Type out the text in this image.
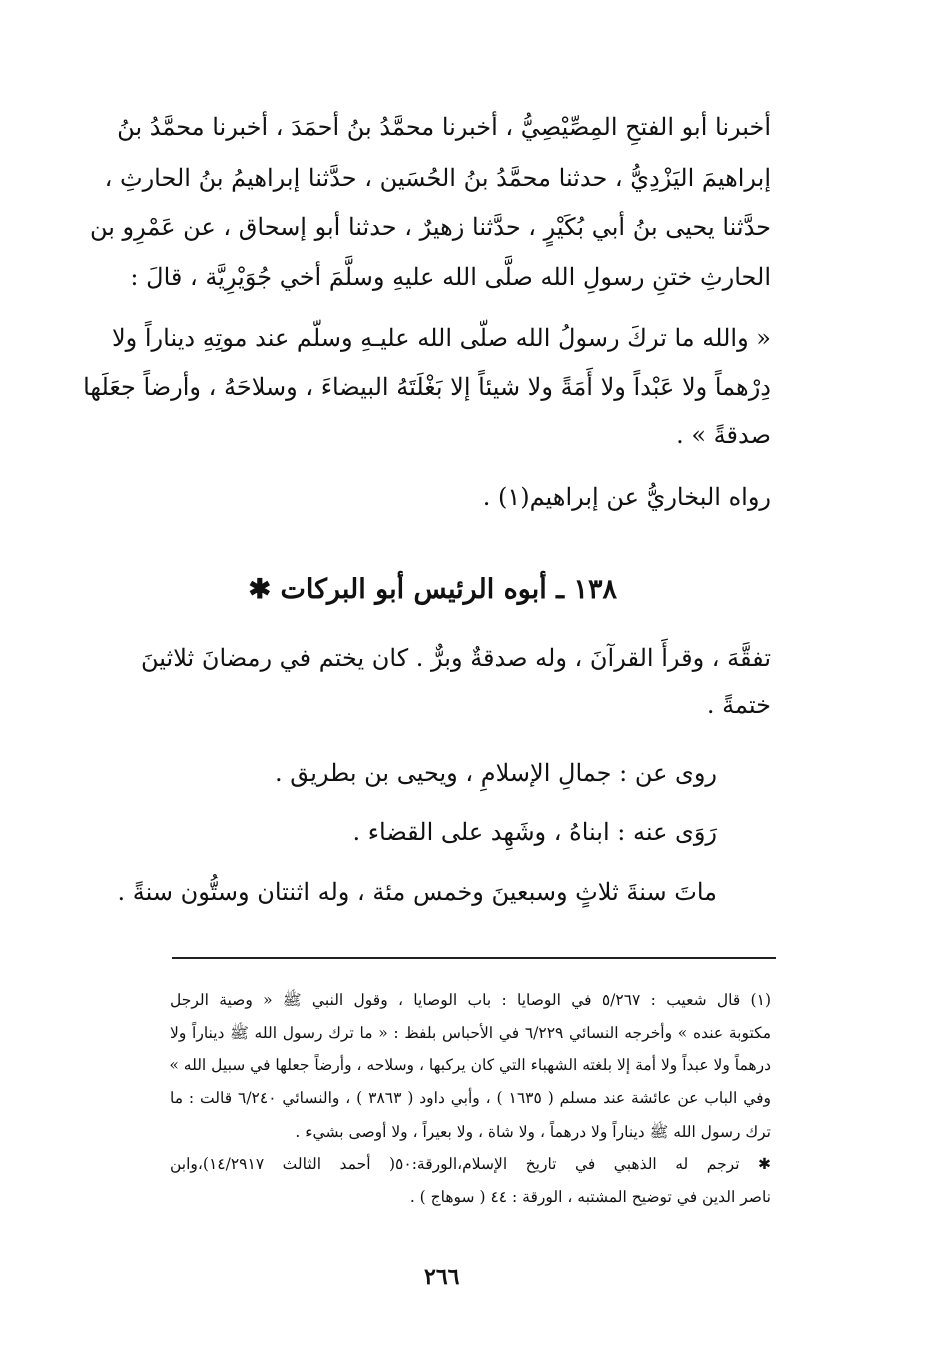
أخبرنا أبو الفتحِ المِصِّيْصِيُّ ، أخبرنا محمَّدُ بنُ أحمَدَ ، أخبرنا محمَّدُ بنُ
إبراهيمَ اليَزْدِيُّ ، حدثنا محمَّدُ بنُ الحُسَين ، حدَّثنا إبراهيمُ بنُ الحارثِ ،
حدَّثنا يحيى بنُ أبي بُكَيْرٍ ، حدَّثنا زهيرٌ ، حدثنا أبو إسحاق ، عن عَمْرِو بن
الحارثِ ختنِ رسولِ الله صلَّى الله عليهِ وسلَّمَ أخي جُوَيْرِيَّة ، قالَ :
« والله ما تركَ رسولُ الله صلّى الله عليـهِ وسلّم عند موتِهِ ديناراً ولا
دِرْهماً ولا عَبْداً ولا أَمَةً ولا شيئاً إلا بَغْلَتَهُ البيضاءَ ، وسلاحَهُ ، وأرضاً جعَلَها
صدقةً » .
رواه البخاريُّ عن إبراهيم(١) .
١٣٨ ـ أبوه الرئيس أبو البركات ✱
تفقَّهَ ، وقرأَ القرآنَ ، وله صدقةٌ وبرٌّ . كان يختم في رمضانَ ثلاثينَ
ختمةً .
روى عن : جمالِ الإسلامِ ، ويحيى بن بطريق .
رَوَى عنه : ابناهُ ، وشَهِد على القضاء .
ماتَ سنةَ ثلاثٍ وسبعينَ وخمس مئة ، وله اثنتان وستُّون سنةً .
(١) قال شعيب : ٥/٢٦٧ في الوصايا : باب الوصايا ، وقول النبي ﷺ « وصية الرجل
مكتوبة عنده » وأخرجه النسائي ٦/٢٢٩ في الأحباس بلفظ : « ما ترك رسول الله ﷺ ديناراً ولا
درهماً ولا عبداً ولا أمة إلا بلغته الشهباء التي كان يركبها ، وسلاحه ، وأرضاً جعلها في سبيل الله »
وفي الباب عن عائشة عند مسلم ( ١٦٣٥ ) ، وأبي داود ( ٣٨٦٣ ) ، والنسائي ٦/٢٤٠ قالت : ما
ترك رسول الله ﷺ ديناراً ولا درهماً ، ولا شاة ، ولا بعيراً ، ولا أوصى بشيء .
✱ ترجم له الذهبي في تاريخ الإسلام،الورقة:٥٠( أحمد الثالث ١٤/٢٩١٧)،وابن
ناصر الدين في توضيح المشتبه ، الورقة : ٤٤ ( سوهاج ) .
٢٦٦
